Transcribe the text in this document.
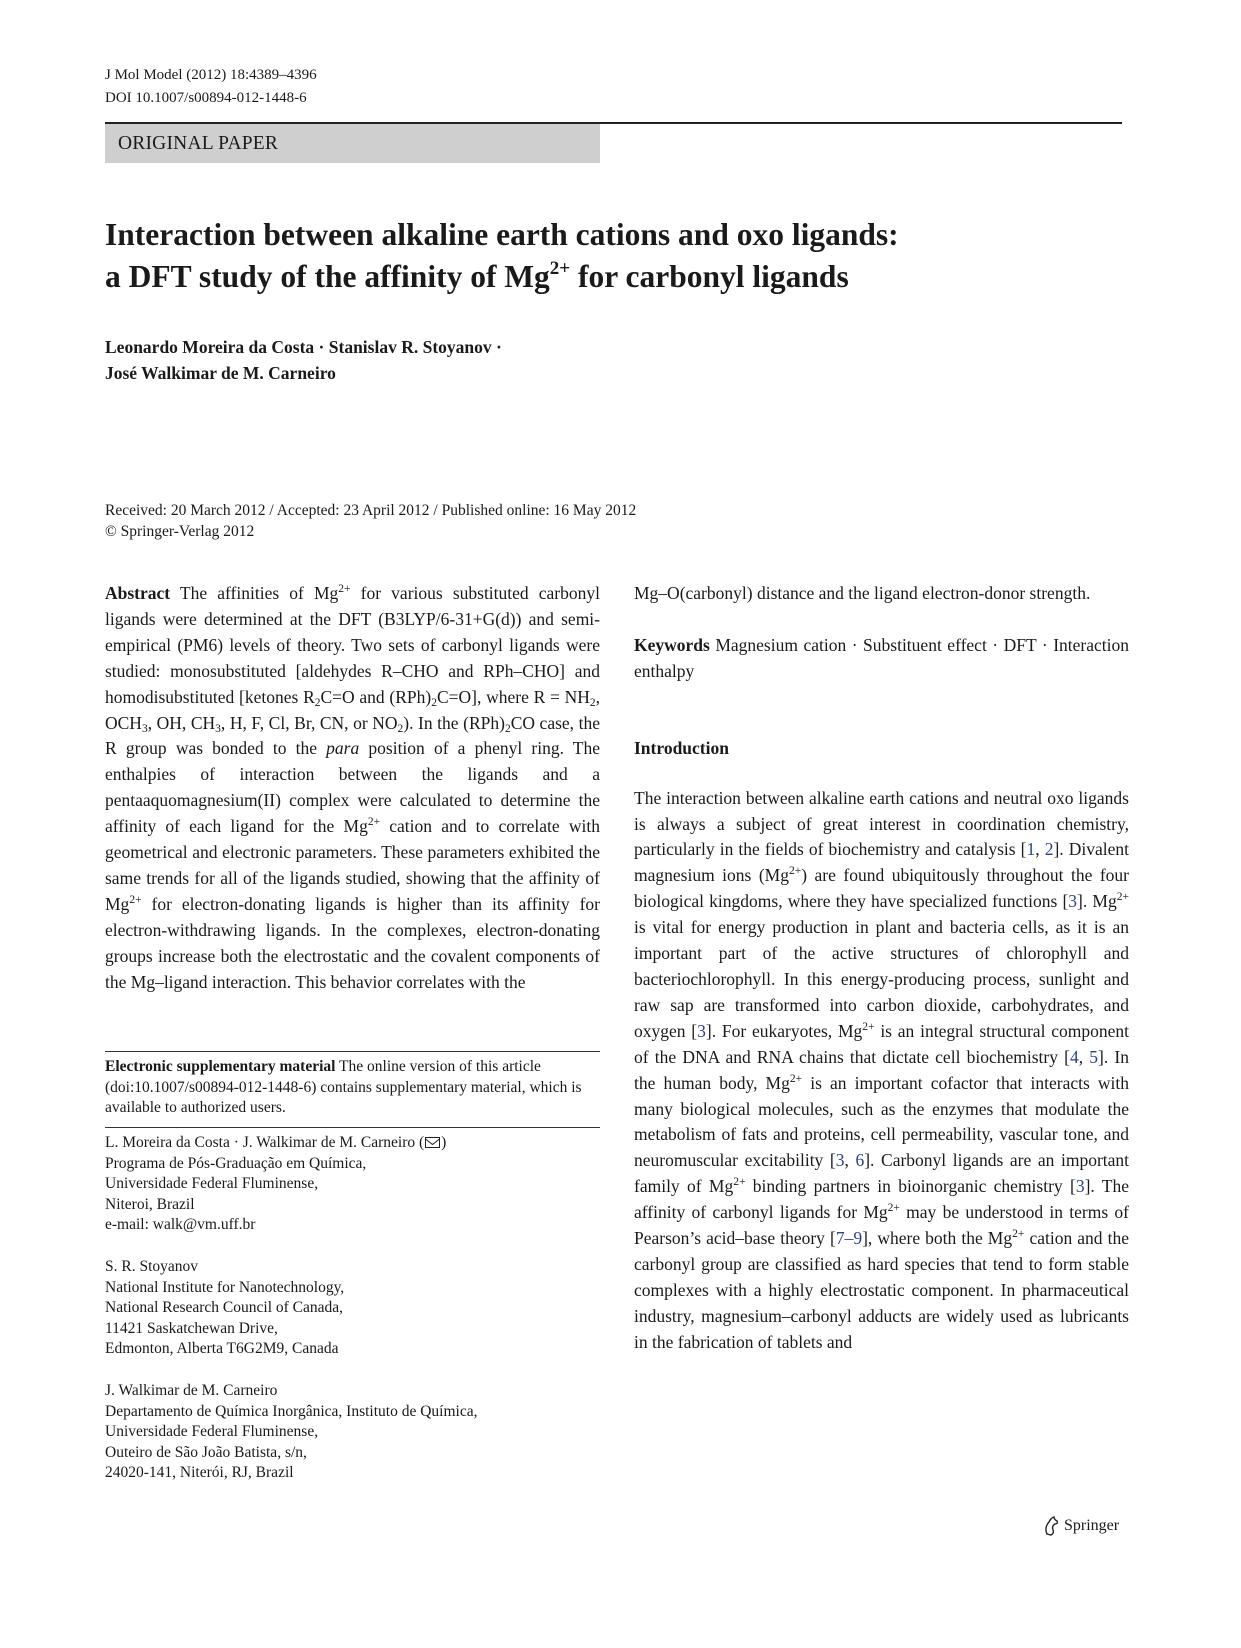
J Mol Model (2012) 18:4389–4396
DOI 10.1007/s00894-012-1448-6
ORIGINAL PAPER
Interaction between alkaline earth cations and oxo ligands:
a DFT study of the affinity of $Mg^{2+}$ for carbonyl ligands
Leonardo Moreira da Costa · Stanislav R. Stoyanov ·
José Walkimar de M. Carneiro
Received: 20 March 2012 / Accepted: 23 April 2012 / Published online: 16 May 2012
© Springer-Verlag 2012

Abstract The affinities of $Mg^{2+}$ for various substituted carbonyl ligands were determined at the DFT (B3LYP/6-31+G(d)) and semi-empirical (PM6) levels of theory. Two sets of carbonyl ligands were studied: monosubstituted [aldehydes R–CHO and RPh–CHO] and homodisubstituted [ketones $R_2C=O$ and $(RPh)_2C=O$], where $R = NH_2$, $OCH_3$, OH, $CH_3$, H, F, Cl, Br, CN, or $NO_2$). In the $(RPh)_2CO$ case, the R group was bonded to the para position of a phenyl ring. The enthalpies of interaction between the ligands and a pentaaquomagnesium(II) complex were calculated to determine the affinity of each ligand for the $Mg^{2+}$ cation and to correlate with geometrical and electronic parameters. These parameters exhibited the same trends for all of the ligands studied, showing that the affinity of $Mg^{2+}$ for electron-donating ligands is higher than its affinity for electron-withdrawing ligands. In the complexes, electron-donating groups increase both the electrostatic and the covalent components of the Mg–ligand interaction. This behavior correlates with the

Mg–O(carbonyl) distance and the ligand electron-donor strength.

Keywords Magnesium cation · Substituent effect · DFT · Interaction enthalpy

Introduction

The interaction between alkaline earth cations and neutral oxo ligands is always a subject of great interest in coordination chemistry, particularly in the fields of biochemistry and catalysis [1, 2]. Divalent magnesium ions $(Mg^{2+})$ are found ubiquitously throughout the four biological kingdoms, where they have specialized functions [3]. $Mg^{2+}$ is vital for energy production in plant and bacteria cells, as it is an important part of the active structures of chlorophyll and bacteriochlorophyll. In this energy-producing process, sunlight and raw sap are transformed into carbon dioxide, carbohydrates, and oxygen [3]. For eukaryotes, $Mg^{2+}$ is an integral structural component of the DNA and RNA chains that dictate cell biochemistry [4, 5]. In the human body, $Mg^{2+}$ is an important cofactor that interacts with many biological molecules, such as the enzymes that modulate the metabolism of fats and proteins, cell permeability, vascular tone, and neuromuscular excitability [3, 6]. Carbonyl ligands are an important family of $Mg^{2+}$ binding partners in bioinorganic chemistry [3]. The affinity of carbonyl ligands for $Mg^{2+}$ may be understood in terms of Pearson’s acid–base theory [7–9], where both the $Mg^{2+}$ cation and the carbonyl group are classified as hard species that tend to form stable complexes with a highly electrostatic component. In pharmaceutical industry, magnesium–carbonyl adducts are widely used as lubricants in the fabrication of tablets and

Electronic supplementary material The online version of this article (doi:10.1007/s00894-012-1448-6) contains supplementary material, which is available to authorized users.

L. Moreira da Costa · J. Walkimar de M. Carneiro ( )

Programa de Pós-Graduação em Química,

Universidade Federal Fluminense,

Niteroi, Brazil

e-mail: walk@vm.uff.br

S. R. Stoyanov

National Institute for Nanotechnology,

National Research Council of Canada,

11421 Saskatchewan Drive,

Edmonton, Alberta T6G2M9, Canada

J. Walkimar de M. Carneiro

Departamento de Química Inorgânica, Instituto de Química,

Universidade Federal Fluminense,

Outeiro de São João Batista, s/n,

24020-141, Niterói, RJ, Brazil

Springer
